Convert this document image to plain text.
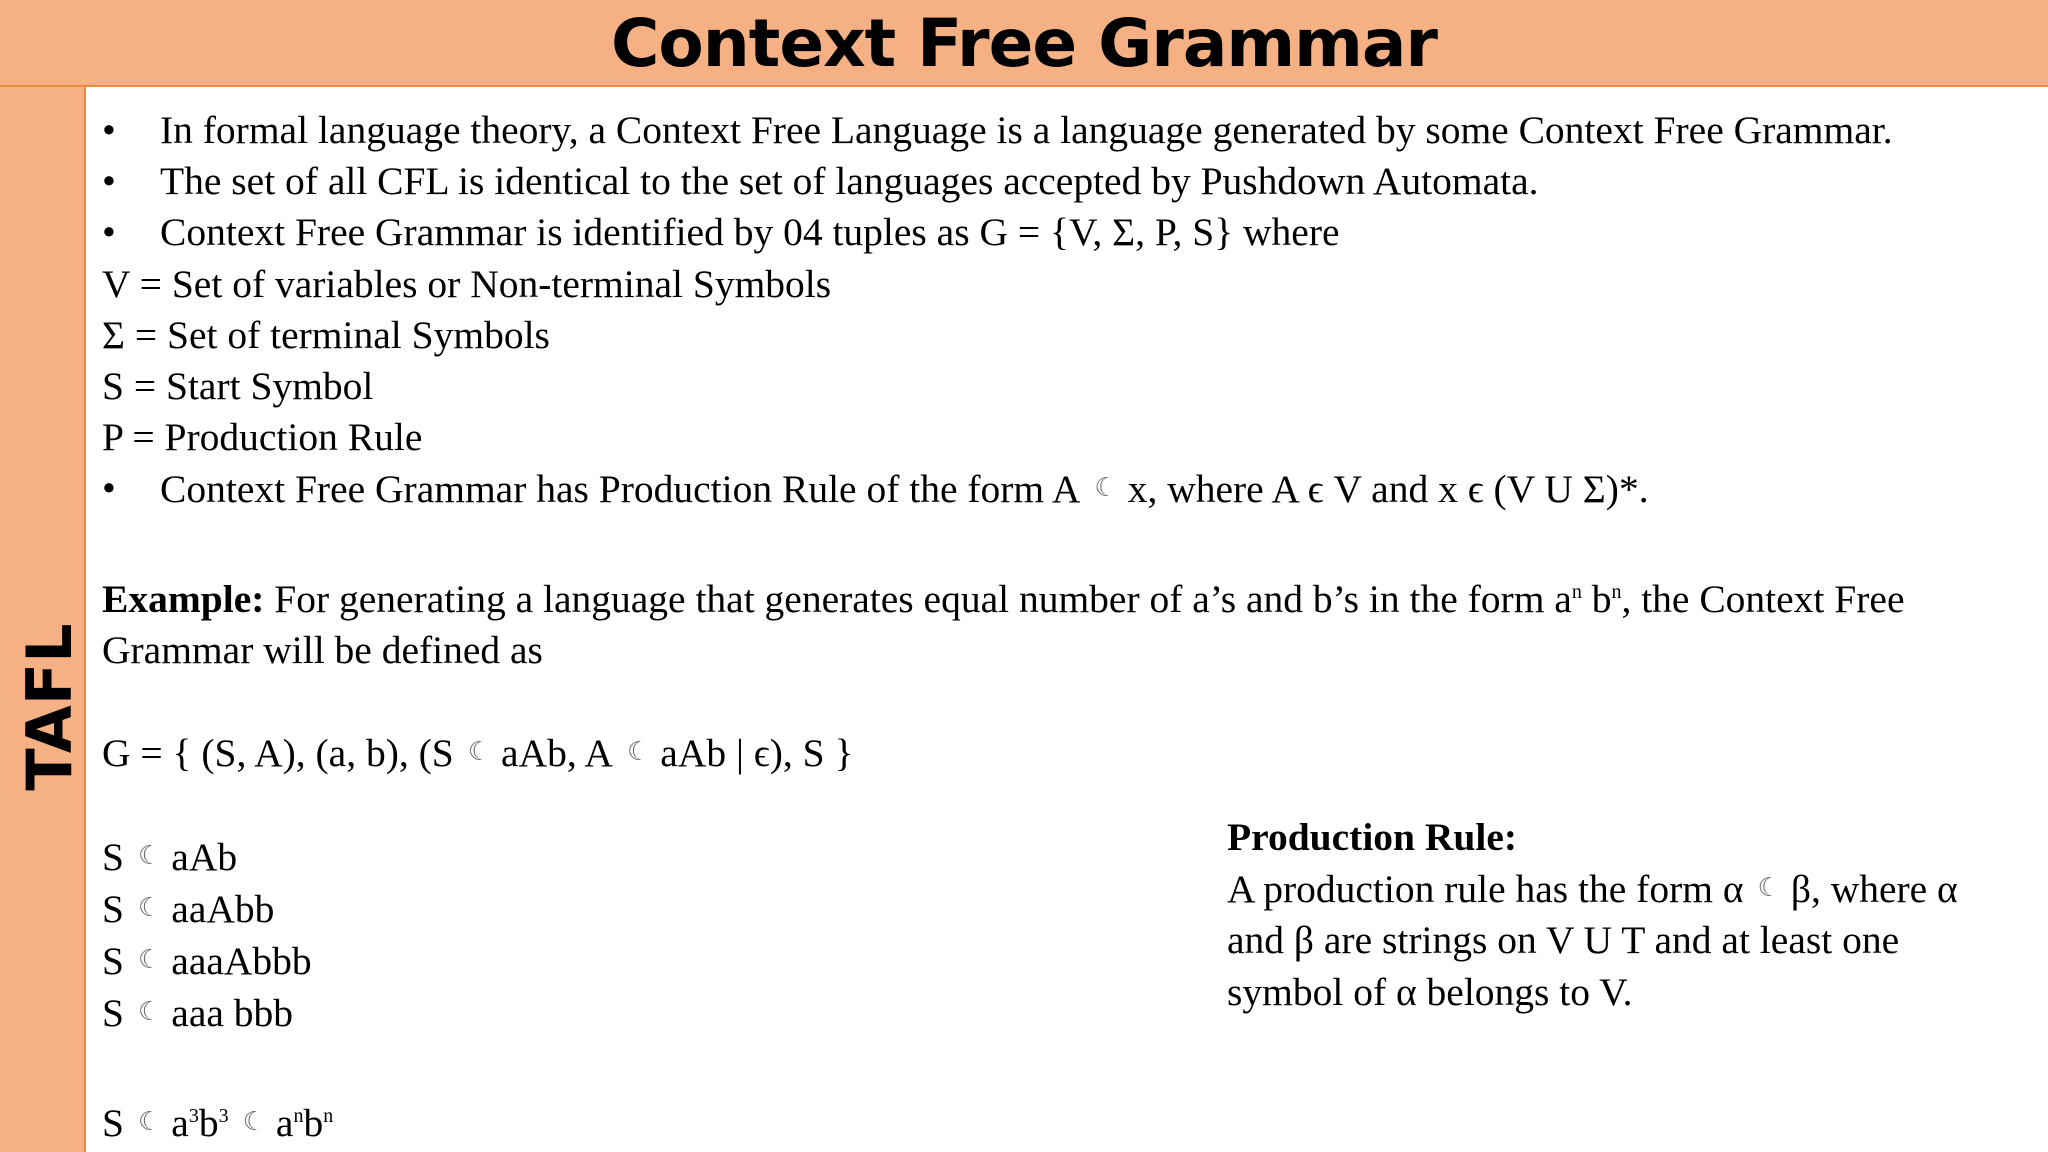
Context Free Grammar
TAFL
•	In formal language theory, a Context Free Language is a language generated by some Context Free Grammar.
•	The set of all CFL is identical to the set of languages accepted by Pushdown Automata.
•	Context Free Grammar is identified by 04 tuples as G = {V, Σ, P, S} where
V = Set of variables or Non-terminal Symbols
Σ = Set of terminal Symbols
S = Start Symbol
P = Production Rule
•	Context Free Grammar has Production Rule of the form A ☾ x, where A ϵ V and x ϵ (V U Σ)*.
Example: For generating a language that generates equal number of a’s and b’s in the form $a^n$ $b^n$, the Context Free Grammar will be defined as
G = { (S, A), (a, b), (S ☾ aAb, A ☾ aAb | ϵ), S }
S ☾ aAb
S ☾ aaAbb
S ☾ aaaAbbb
S ☾ aaa bbb
S ☾ $a^3b^3$ ☾ $a^nb^n$
Production Rule:
A production rule has the form α ☾ β, where α and β are strings on V U T and at least one symbol of α belongs to V.
